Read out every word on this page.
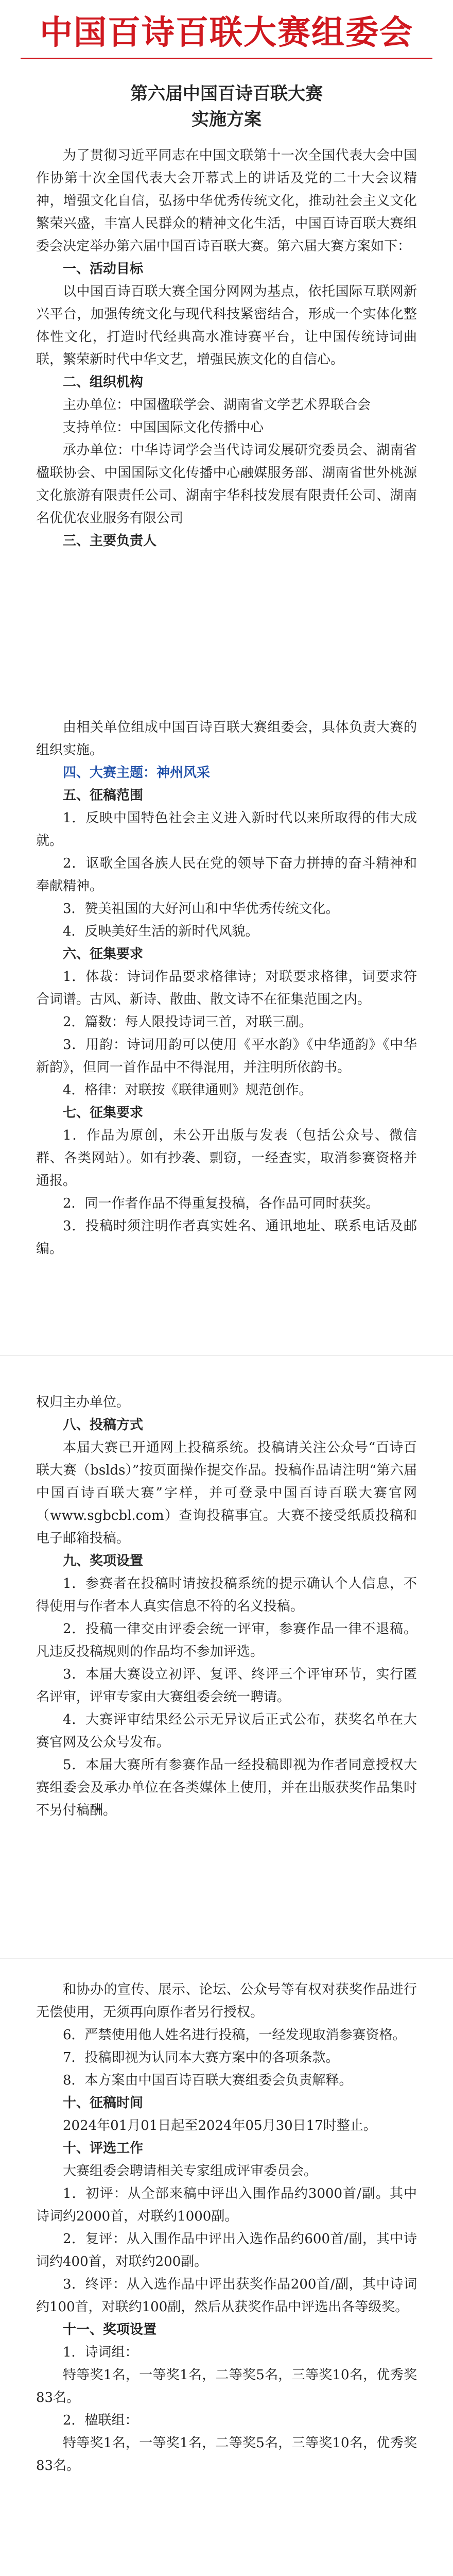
中国百诗百联大赛组委会
第六届中国百诗百联大赛
实施方案
为了贯彻习近平同志在中国文联第十一次全国代表大会中国作协第十次全国代表大会开幕式上的讲话及党的二十大会议精神，增强文化自信，弘扬中华优秀传统文化，推动社会主义文化繁荣兴盛，丰富人民群众的精神文化生活，中国百诗百联大赛组委会决定举办第六届中国百诗百联大赛。第六届大赛方案如下：
一、活动目标
以中国百诗百联大赛全国分网网为基点，依托国际互联网新兴平台，加强传统文化与现代科技紧密结合，形成一个实体化整体性文化，打造时代经典高水准诗赛平台，让中国传统诗词曲联，繁荣新时代中华文艺，增强民族文化的自信心。
二、组织机构
主办单位：中国楹联学会、湖南省文学艺术界联合会
支持单位：中国国际文化传播中心
承办单位：中华诗词学会当代诗词发展研究委员会、湖南省楹联协会、中国国际文化传播中心融媒服务部、湖南省世外桃源文化旅游有限责任公司、湖南宇华科技发展有限责任公司、湖南名优优农业服务有限公司
三、主要负责人
由相关单位组成中国百诗百联大赛组委会，具体负责大赛的组织实施。
四、大赛主题：神州风采
五、征稿范围
1．反映中国特色社会主义进入新时代以来所取得的伟大成就。
2．讴歌全国各族人民在党的领导下奋力拼搏的奋斗精神和奉献精神。
3．赞美祖国的大好河山和中华优秀传统文化。
4．反映美好生活的新时代风貌。
六、征集要求
1．体裁：诗词作品要求格律诗；对联要求格律，词要求符合词谱。古风、新诗、散曲、散文诗不在征集范围之内。
2．篇数：每人限投诗词三首，对联三副。
3．用韵：诗词用韵可以使用《平水韵》《中华通韵》《中华新韵》，但同一首作品中不得混用，并注明所依韵书。
4．格律：对联按《联律通则》规范创作。
七、征集要求
1．作品为原创，未公开出版与发表（包括公众号、微信群、各类网站）。如有抄袭、剽窃，一经查实，取消参赛资格并通报。
2．同一作者作品不得重复投稿，各作品可同时获奖。
3．投稿时须注明作者真实姓名、通讯地址、联系电话及邮编。
权归主办单位。
八、投稿方式
本届大赛已开通网上投稿系统。投稿请关注公众号“百诗百联大赛（bslds）”按页面操作提交作品。投稿作品请注明“第六届中国百诗百联大赛”字样，并可登录中国百诗百联大赛官网（www.sgbcbl.com）查询投稿事宜。大赛不接受纸质投稿和电子邮箱投稿。
九、奖项设置
1．参赛者在投稿时请按投稿系统的提示确认个人信息，不得使用与作者本人真实信息不符的名义投稿。
2．投稿一律交由评委会统一评审，参赛作品一律不退稿。凡违反投稿规则的作品均不参加评选。
3．本届大赛设立初评、复评、终评三个评审环节，实行匿名评审，评审专家由大赛组委会统一聘请。
4．大赛评审结果经公示无异议后正式公布，获奖名单在大赛官网及公众号发布。
5．本届大赛所有参赛作品一经投稿即视为作者同意授权大赛组委会及承办单位在各类媒体上使用，并在出版获奖作品集时不另付稿酬。
和协办的宣传、展示、论坛、公众号等有权对获奖作品进行无偿使用，无须再向原作者另行授权。
6．严禁使用他人姓名进行投稿，一经发现取消参赛资格。
7．投稿即视为认同本大赛方案中的各项条款。
8．本方案由中国百诗百联大赛组委会负责解释。
十、征稿时间
2024年01月01日起至2024年05月30日17时整止。
十、评选工作
大赛组委会聘请相关专家组成评审委员会。
1．初评：从全部来稿中评出入围作品约3000首/副。其中诗词约2000首，对联约1000副。
2．复评：从入围作品中评出入选作品约600首/副，其中诗词约400首，对联约200副。
3．终评：从入选作品中评出获奖作品200首/副，其中诗词约100首，对联约100副，然后从获奖作品中评选出各等级奖。
十一、奖项设置
1．诗词组：
特等奖1名，一等奖1名，二等奖5名，三等奖10名，优秀奖83名。
2．楹联组：
特等奖1名，一等奖1名，二等奖5名，三等奖10名，优秀奖83名。
